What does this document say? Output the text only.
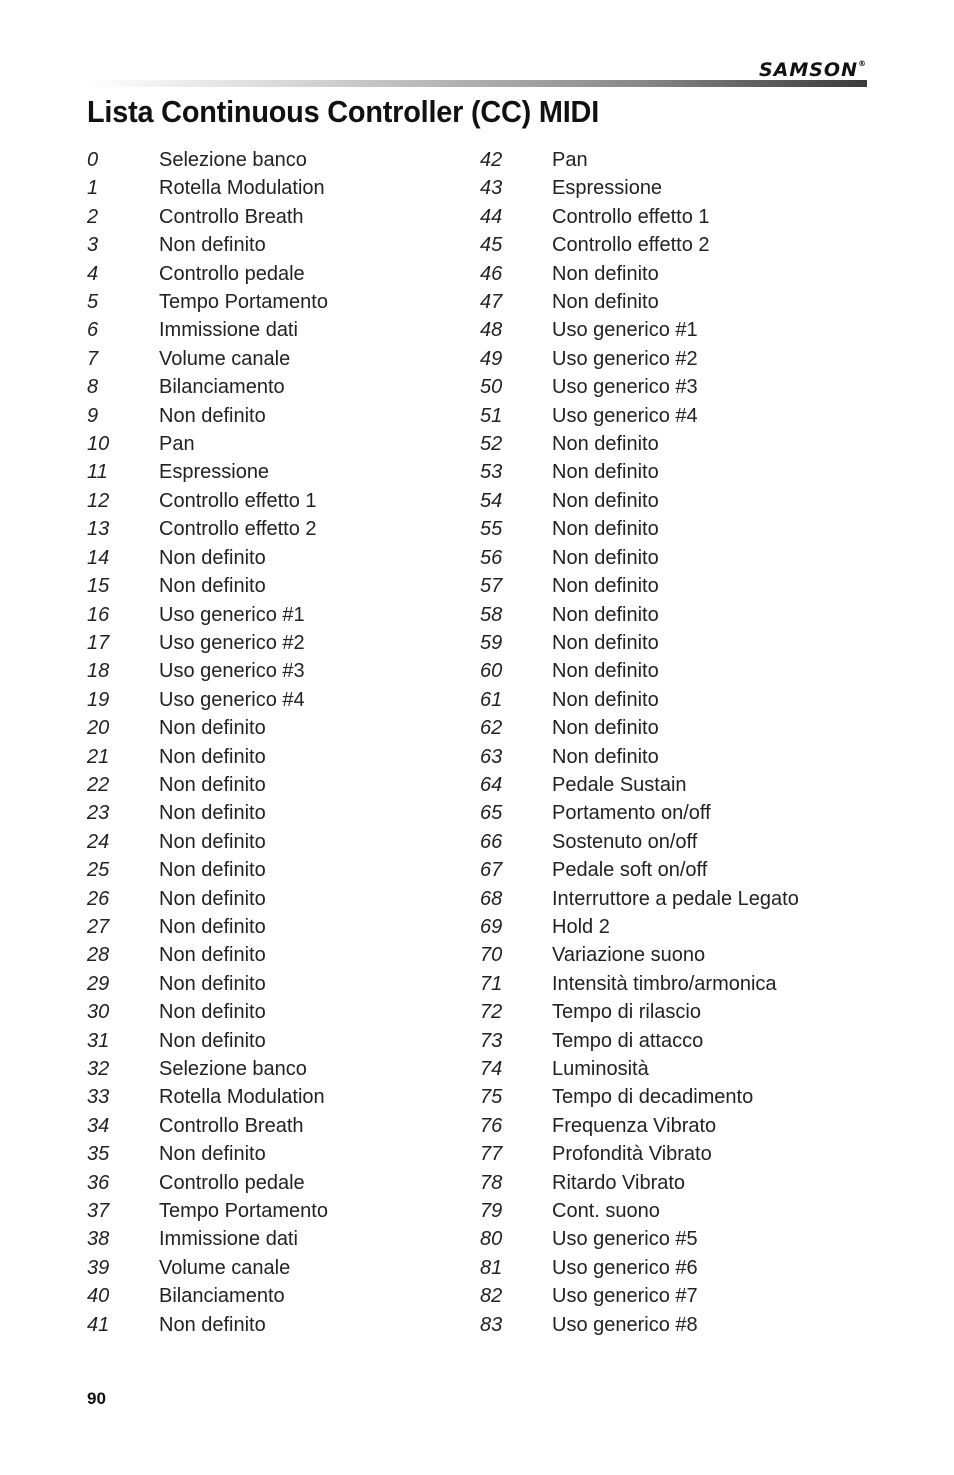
SAMSON®
Lista Continuous Controller (CC) MIDI
0	Selezione banco
1	Rotella Modulation
2	Controllo Breath
3	Non definito
4	Controllo pedale
5	Tempo Portamento
6	Immissione dati
7	Volume canale
8	Bilanciamento
9	Non definito
10 Pan
11	Espressione
12 Controllo effetto 1
13 Controllo effetto 2
14 Non definito
15 Non definito
16 Uso generico #1
17 Uso generico #2
18 Uso generico #3
19 Uso generico #4
20 Non definito
21 Non definito
22 Non definito
23 Non definito
24 Non definito
25 Non definito
26 Non definito
27 Non definito
28 Non definito
29 Non definito
30 Non definito
31 Non definito
32 Selezione banco
33 Rotella Modulation
34 Controllo Breath
35 Non definito
36 Controllo pedale
37 Tempo Portamento
38 Immissione dati
39 Volume canale
40 Bilanciamento
41 Non definito
42 Pan
43 Espressione
44 Controllo effetto 1
45 Controllo effetto 2
46 Non definito
47 Non definito
48 Uso generico #1
49 Uso generico #2
50 Uso generico #3
51 Uso generico #4
52 Non definito
53 Non definito
54 Non definito
55 Non definito
56 Non definito
57 Non definito
58 Non definito
59 Non definito
60 Non definito
61 Non definito
62 Non definito
63 Non definito
64 Pedale Sustain
65 Portamento on/off
66 Sostenuto on/off
67 Pedale soft on/off
68 Interruttore a pedale Legato
69 Hold 2
70 Variazione suono
71 Intensità timbro/armonica
72 Tempo di rilascio
73 Tempo di attacco
74 Luminosità
75 Tempo di decadimento
76 Frequenza Vibrato
77 Profondità Vibrato
78 Ritardo Vibrato
79 Cont. suono
80 Uso generico #5
81 Uso generico #6
82 Uso generico #7
83 Uso generico #8
90
